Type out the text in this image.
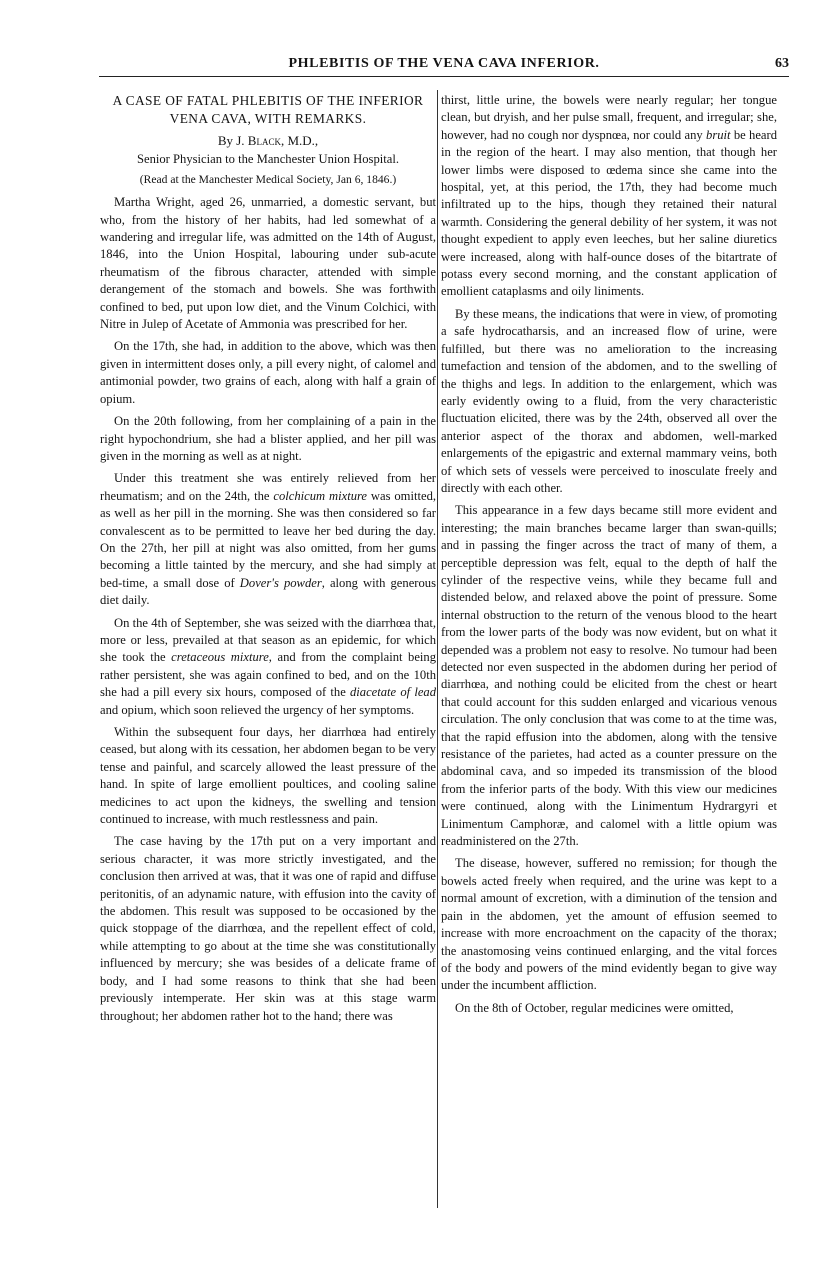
PHLEBITIS OF THE VENA CAVA INFERIOR.	63
A CASE OF FATAL PHLEBITIS OF THE INFERIOR VENA CAVA, WITH REMARKS.
By J. Black, M.D.,
Senior Physician to the Manchester Union Hospital.
(Read at the Manchester Medical Society, Jan 6, 1846.)

Martha Wright, aged 26, unmarried, a domestic servant, but who, from the history of her habits, had led somewhat of a wandering and irregular life, was admitted on the 14th of August, 1846, into the Union Hospital, labouring under sub-acute rheumatism of the fibrous character, attended with simple derangement of the stomach and bowels. She was forthwith confined to bed, put upon low diet, and the Vinum Colchici, with Nitre in Julep of Acetate of Ammonia was prescribed for her.

On the 17th, she had, in addition to the above, which was then given in intermittent doses only, a pill every night, of calomel and antimonial powder, two grains of each, along with half a grain of opium.

On the 20th following, from her complaining of a pain in the right hypochondrium, she had a blister applied, and her pill was given in the morning as well as at night.

Under this treatment she was entirely relieved from her rheumatism; and on the 24th, the colchicum mixture was omitted, as well as her pill in the morning. She was then considered so far convalescent as to be permitted to leave her bed during the day. On the 27th, her pill at night was also omitted, from her gums becoming a little tainted by the mercury, and she had simply at bed-time, a small dose of Dover's powder, along with generous diet daily.

On the 4th of September, she was seized with the diarrhœa that, more or less, prevailed at that season as an epidemic, for which she took the cretaceous mixture, and from the complaint being rather persistent, she was again confined to bed, and on the 10th she had a pill every six hours, composed of the diacetate of lead and opium, which soon relieved the urgency of her symptoms.

Within the subsequent four days, her diarrhœa had entirely ceased, but along with its cessation, her abdomen began to be very tense and painful, and scarcely allowed the least pressure of the hand. In spite of large emollient poultices, and cooling saline medicines to act upon the kidneys, the swelling and tension continued to increase, with much restlessness and pain.

The case having by the 17th put on a very important and serious character, it was more strictly investigated, and the conclusion then arrived at was, that it was one of rapid and diffuse peritonitis, of an adynamic nature, with effusion into the cavity of the abdomen. This result was supposed to be occasioned by the quick stoppage of the diarrhœa, and the repellent effect of cold, while attempting to go about at the time she was constitutionally influenced by mercury; she was besides of a delicate frame of body, and I had some reasons to think that she had been previously intemperate. Her skin was at this stage warm throughout; her abdomen rather hot to the hand; there was

thirst, little urine, the bowels were nearly regular; her tongue clean, but dryish, and her pulse small, frequent, and irregular; she, however, had no cough nor dyspnœa, nor could any bruit be heard in the region of the heart. I may also mention, that though her lower limbs were disposed to œdema since she came into the hospital, yet, at this period, the 17th, they had become much infiltrated up to the hips, though they retained their natural warmth. Considering the general debility of her system, it was not thought expedient to apply even leeches, but her saline diuretics were increased, along with half-ounce doses of the bitartrate of potass every second morning, and the constant application of emollient cataplasms and oily liniments.

By these means, the indications that were in view, of promoting a safe hydrocatharsis, and an increased flow of urine, were fulfilled, but there was no amelioration to the increasing tumefaction and tension of the abdomen, and to the swelling of the thighs and legs. In addition to the enlargement, which was early evidently owing to a fluid, from the very characteristic fluctuation elicited, there was by the 24th, observed all over the anterior aspect of the thorax and abdomen, well-marked enlargements of the epigastric and external mammary veins, both of which sets of vessels were perceived to inosculate freely and directly with each other.

This appearance in a few days became still more evident and interesting; the main branches became larger than swan-quills; and in passing the finger across the tract of many of them, a perceptible depression was felt, equal to the depth of half the cylinder of the respective veins, while they became full and distended below, and relaxed above the point of pressure. Some internal obstruction to the return of the venous blood to the heart from the lower parts of the body was now evident, but on what it depended was a problem not easy to resolve. No tumour had been detected nor even suspected in the abdomen during her period of diarrhœa, and nothing could be elicited from the chest or heart that could account for this sudden enlarged and vicarious venous circulation. The only conclusion that was come to at the time was, that the rapid effusion into the abdomen, along with the tensive resistance of the parietes, had acted as a counter pressure on the abdominal cava, and so impeded its transmission of the blood from the inferior parts of the body. With this view our medicines were continued, along with the Linimentum Hydrargyri et Linimentum Camphoræ, and calomel with a little opium was readministered on the 27th.

The disease, however, suffered no remission; for though the bowels acted freely when required, and the urine was kept to a normal amount of excretion, with a diminution of the tension and pain in the abdomen, yet the amount of effusion seemed to increase with more encroachment on the capacity of the thorax; the anastomosing veins continued enlarging, and the vital forces of the body and powers of the mind evidently began to give way under the incumbent affliction.

On the 8th of October, regular medicines were omitted,
